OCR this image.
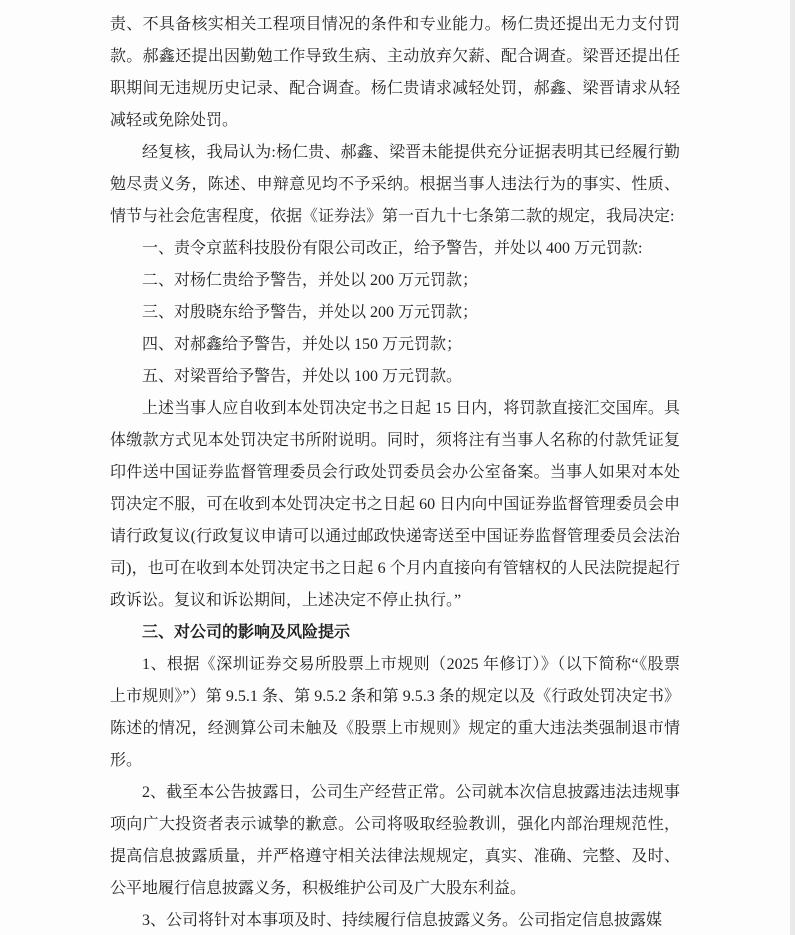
责、不具备核实相关工程项目情况的条件和专业能力。杨仁贵还提出无力支付罚款。郝鑫还提出因勤勉工作导致生病、主动放弃欠薪、配合调查。梁晋还提出任职期间无违规历史记录、配合调查。杨仁贵请求减轻处罚，郝鑫、梁晋请求从轻减轻或免除处罚。

经复核，我局认为:杨仁贵、郝鑫、梁晋未能提供充分证据表明其已经履行勤勉尽责义务，陈述、申辩意见均不予采纳。根据当事人违法行为的事实、性质、情节与社会危害程度，依据《证券法》第一百九十七条第二款的规定，我局决定:

一、责令京蓝科技股份有限公司改正，给予警告，并处以 400 万元罚款:

二、对杨仁贵给予警告，并处以 200 万元罚款；

三、对殷晓东给予警告，并处以 200 万元罚款；

四、对郝鑫给予警告，并处以 150 万元罚款；

五、对梁晋给予警告，并处以 100 万元罚款。

上述当事人应自收到本处罚决定书之日起 15 日内，将罚款直接汇交国库。具体缴款方式见本处罚决定书所附说明。同时，须将注有当事人名称的付款凭证复印件送中国证券监督管理委员会行政处罚委员会办公室备案。当事人如果对本处罚决定不服，可在收到本处罚决定书之日起 60 日内向中国证券监督管理委员会申请行政复议(行政复议申请可以通过邮政快递寄送至中国证券监督管理委员会法治司)，也可在收到本处罚决定书之日起 6 个月内直接向有管辖权的人民法院提起行政诉讼。复议和诉讼期间，上述决定不停止执行。”

三、对公司的影响及风险提示

1、根据《深圳证券交易所股票上市规则（2025 年修订）》（以下简称“《股票上市规则》”）第 9.5.1 条、第 9.5.2 条和第 9.5.3 条的规定以及《行政处罚决定书》陈述的情况，经测算公司未触及《股票上市规则》规定的重大违法类强制退市情形。

2、截至本公告披露日，公司生产经营正常。公司就本次信息披露违法违规事项向广大投资者表示诚挚的歉意。公司将吸取经验教训，强化内部治理规范性，提高信息披露质量，并严格遵守相关法律法规规定，真实、准确、完整、及时、公平地履行信息披露义务，积极维护公司及广大股东利益。

3、公司将针对本事项及时、持续履行信息披露义务。公司指定信息披露媒
